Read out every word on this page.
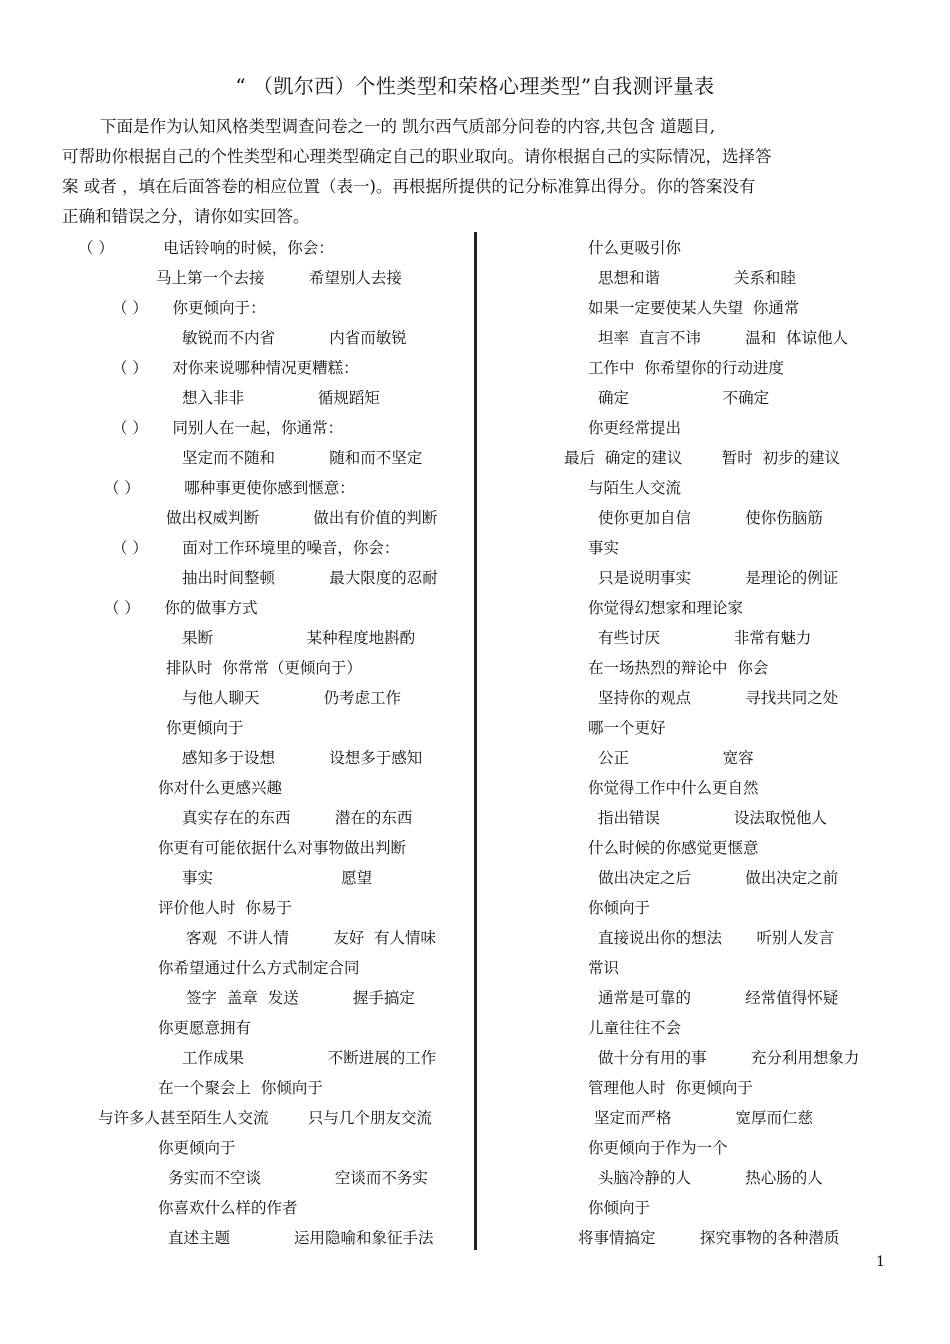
“ （凯尔西）个性类型和荣格心理类型”自我测评量表

下面是作为认知风格类型调查问卷之一的 凯尔西气质部分问卷的内容,共包含 道题目,
可帮助你根据自己的个性类型和心理类型确定自己的职业取向。请你根据自己的实际情况，选择答
案 或者 ，填在后面答卷的相应位置（表一)。再根据所提供的记分标准算出得分。你的答案没有
正确和错误之分，请你如实回答。

（ ）          电话铃响的时候，你会：
马上第一个去接         希望别人去接
（ ）     你更倾向于：
敏锐而不内省           内省而敏锐
（ ）     对你来说哪种情况更糟糕：
想入非非               循规蹈矩
（ ）     同别人在一起，你通常：
坚定而不随和           随和而不坚定
（ ）         哪种事更使你感到惬意：
做出权威判断           做出有价值的判断
（ ）       面对工作环境里的噪音，你会：
抽出时间整顿           最大限度的忍耐
（ ）     你的做事方式
果断                   某种程度地斟酌
排队时  你常常（更倾向于）
与他人聊天             仍考虑工作
你更倾向于
感知多于设想           设想多于感知
你对什么更感兴趣
真实存在的东西         潜在的东西
你更有可能依据什么对事物做出判断
事实                          愿望
评价他人时  你易于
客观  不讲人情         友好  有人情味
你希望通过什么方式制定合同
签字  盖章  发送           握手搞定
你更愿意拥有
工作成果                 不断进展的工作
在一个聚会上  你倾向于
与许多人甚至陌生人交流        只与几个朋友交流
你更倾向于
务实而不空谈               空谈而不务实
你喜欢什么样的作者
直述主题             运用隐喻和象征手法
什么更吸引你
思想和谐               关系和睦
如果一定要使某人失望  你通常
坦率  直言不讳         温和  体谅他人
工作中  你希望你的行动进度
确定                   不确定
你更经常提出
最后  确定的建议        暂时  初步的建议
与陌生人交流
使你更加自信           使你伤脑筋
事实
只是说明事实           是理论的例证
你觉得幻想家和理论家
有些讨厌               非常有魅力
在一场热烈的辩论中  你会
坚持你的观点           寻找共同之处
哪一个更好
公正                   宽容
你觉得工作中什么更自然
指出错误               设法取悦他人
什么时候的你感觉更惬意
做出决定之后           做出决定之前
你倾向于
直接说出你的想法       听别人发言
常识
通常是可靠的           经常值得怀疑
儿童往往不会
做十分有用的事         充分利用想象力
管理他人时  你更倾向于
坚定而严格             宽厚而仁慈
你更倾向于作为一个
头脑冷静的人           热心肠的人
你倾向于
将事情搞定         探究事物的各种潜质
1
